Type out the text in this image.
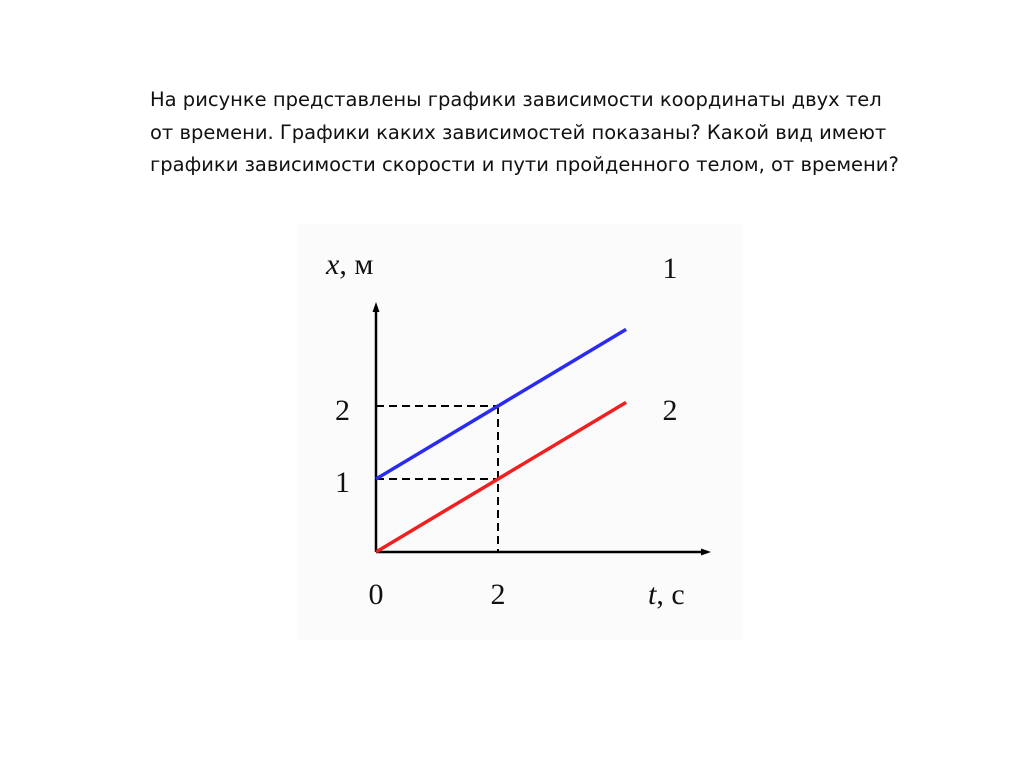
На рисунке представлены графики зависимости координаты двух тел
от времени. Графики каких зависимостей показаны? Какой вид имеют
графики зависимости скорости и пути пройденного телом, от времени?
x, м
t, с
0	2
1
2
1
2
